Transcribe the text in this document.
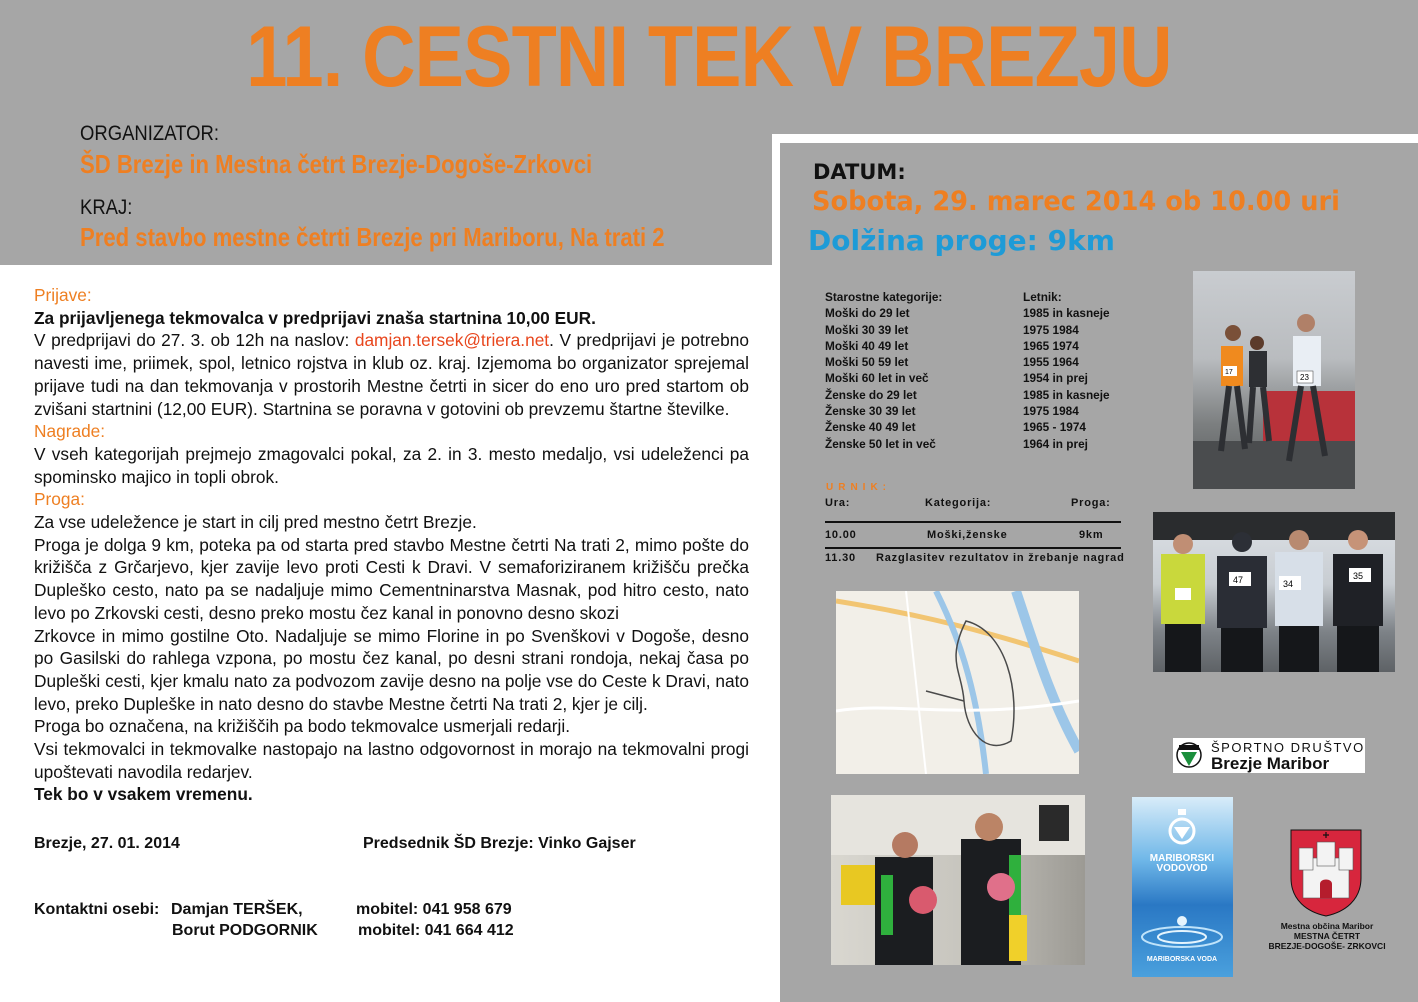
11. CESTNI TEK V BREZJU
ORGANIZATOR:
ŠD Brezje in Mestna četrt Brezje-Dogoše-Zrkovci
KRAJ:
Pred stavbo mestne četrti Brezje pri Mariboru, Na trati 2

Prijave:

Za prijavljenega tekmovalca v predprijavi znaša startnina 10,00 EUR.

V predprijavi do 27. 3. ob 12h na naslov: damjan.tersek@triera.net. V predprijavi je potrebno navesti ime, priimek, spol, letnico rojstva in klub oz. kraj. Izjemoma bo organizator sprejemal prijave tudi na dan tekmovanja v prostorih Mestne četrti in sicer do eno uro pred startom ob zvišani startnini (12,00 EUR). Startnina se poravna v gotovini ob prevzemu štartne številke.

Nagrade:

V vseh kategorijah prejmejo zmagovalci pokal, za 2. in 3. mesto medaljo, vsi udeleženci pa spominsko majico in topli obrok.

Proga:

Za vse udeležence je start in cilj pred mestno četrt Brezje.

Proga je dolga 9 km, poteka pa od starta pred stavbo Mestne četrti Na trati 2, mimo pošte do križišča z Grčarjevo, kjer zavije levo proti Cesti k Dravi. V semaforiziranem križišču prečka Dupleško cesto, nato pa se nadaljuje mimo Cementninarstva Masnak, pod hitro cesto, nato levo po Zrkovski cesti, desno preko mostu čez kanal in ponovno desno skozi

Zrkovce in mimo gostilne Oto. Nadaljuje se mimo Florine in po Svenškovi v Dogoše, desno po Gasilski do rahlega vzpona, po mostu čez kanal, po desni strani rondoja, nekaj časa po Dupleški cesti, kjer kmalu nato za podvozom zavije desno na polje vse do Ceste k Dravi, nato levo, preko Dupleške in nato desno do stavbe Mestne četrti Na trati 2, kjer je cilj.

Proga bo označena, na križiščih pa bodo tekmovalce usmerjali redarji.

Vsi tekmovalci in tekmovalke nastopajo na lastno odgovornost in morajo na tekmovalni progi upoštevati navodila redarjev.

Tek bo v vsakem vremenu.

Brezje, 27. 01. 2014	Predsednik ŠD Brezje: Vinko Gajser
Kontaktni osebi: Damjan TERŠEK,	mobitel: 041 958 679
Borut PODGORNIK	mobitel: 041 664 412
DATUM:
Sobota, 29. marec 2014 ob 10.00 uri
Dolžina proge: 9km
Starostne kategorije:	Letnik:
Moški do 29 let	1985 in kasneje
Moški 30 39 let	1975 1984
Moški 40 49 let	1965 1974
Moški 50 59 let	1955 1964
Moški 60 let in več	1954 in prej
Ženske do 29 let	1985 in kasneje
Ženske 30 39 let	1975 1984
Ženske 40 49 let	1965 - 1974
Ženske 50 let in več	1964 in prej
URNIK:
Ura:	Kategorija:	Proga:
10.00	Moški,ženske	9km
11.30 Razglasitev rezultatov in žrebanje nagrad
17
23
47	34
35
ŠPORTNO DRUŠTVO
Brezje Maribor
MARIBORSKI
VODOVOD
MARIBORSKA VODA
Mestna občina Maribor
MESTNA ČETRT
BREZJE-DOGOŠE- ZRKOVCI
